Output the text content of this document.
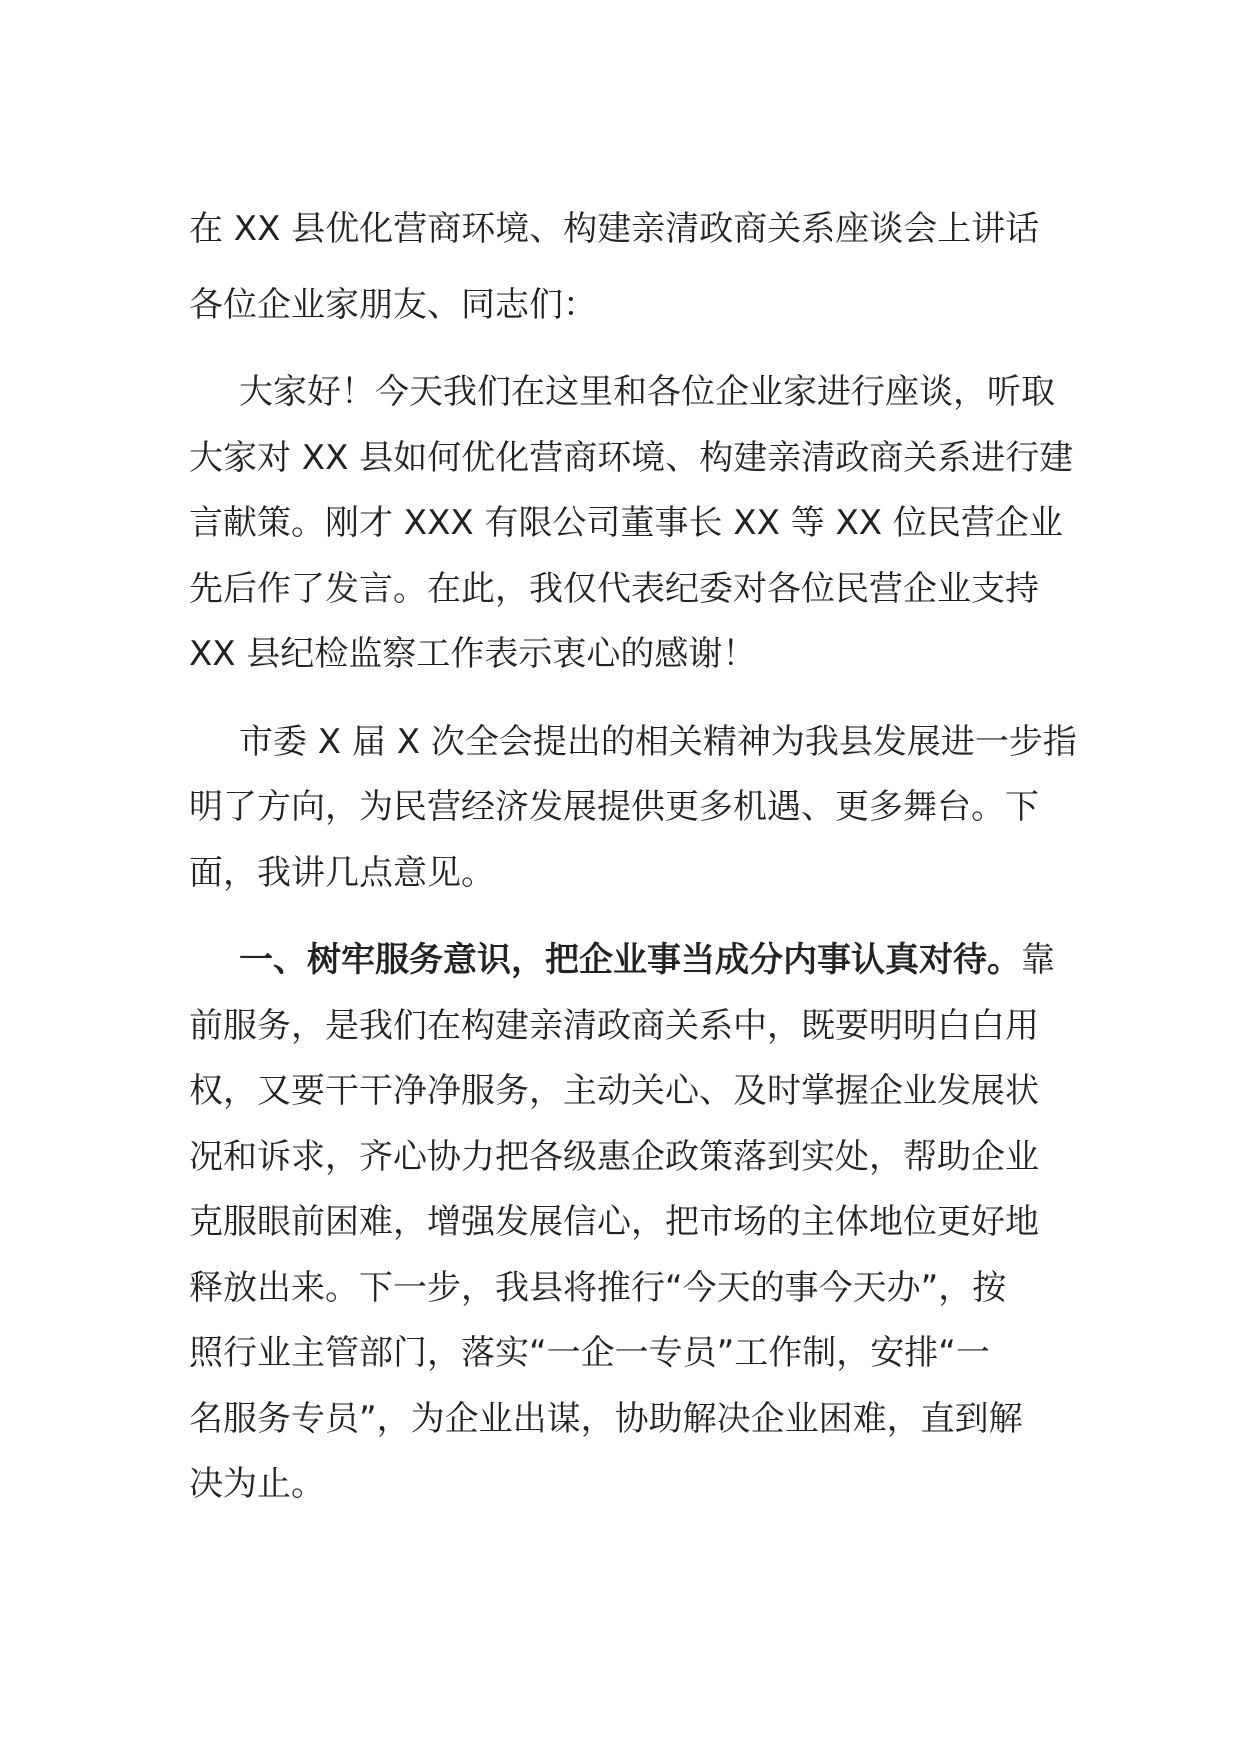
在 XX 县优化营商环境、构建亲清政商关系座谈会上讲话
各位企业家朋友、同志们：
大家好！今天我们在这里和各位企业家进行座谈，听取
大家对 XX 县如何优化营商环境、构建亲清政商关系进行建
言献策。刚才 XXX 有限公司董事长 XX 等 XX 位民营企业
先后作了发言。在此，我仅代表纪委对各位民营企业支持
XX 县纪检监察工作表示衷心的感谢！
市委 X 届 X 次全会提出的相关精神为我县发展进一步指
明了方向，为民营经济发展提供更多机遇、更多舞台。下
面，我讲几点意见。
一、树牢服务意识，把企业事当成分内事认真对待。靠
前服务，是我们在构建亲清政商关系中，既要明明白白用
权，又要干干净净服务，主动关心、及时掌握企业发展状
况和诉求，齐心协力把各级惠企政策落到实处，帮助企业
克服眼前困难，增强发展信心，把市场的主体地位更好地
释放出来。下一步，我县将推行“今天的事今天办”，按
照行业主管部门，落实“一企一专员”工作制，安排“一
名服务专员”，为企业出谋，协助解决企业困难，直到解
决为止。
